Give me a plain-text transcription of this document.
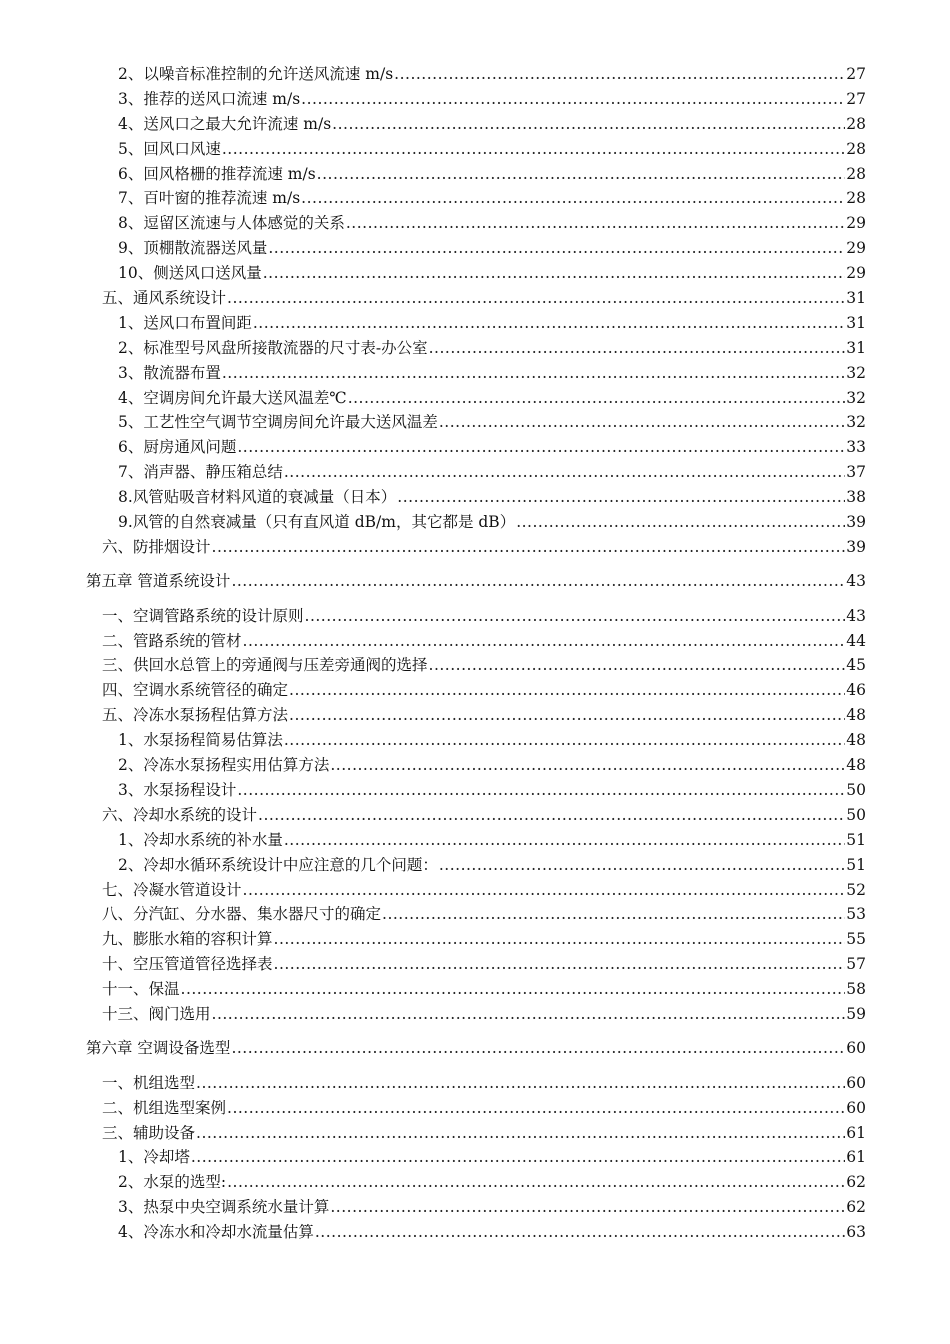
2、以噪音标准控制的允许送风流速 m/s .....	27
3、推荐的送风口流速 m/s .....	27
4、送风口之最大允许流速 m/s .....	28
5、回风口风速 .....	28
6、回风格栅的推荐流速 m/s .....	28
7、百叶窗的推荐流速 m/s .....	28
8、逗留区流速与人体感觉的关系 .....	29
9、顶棚散流器送风量 .....	29
10、侧送风口送风量 .....	29
五、通风系统设计 .....	31
1、送风口布置间距 .....	31
2、标准型号风盘所接散流器的尺寸表-办公室 .....	31
3、散流器布置 .....	32
4、空调房间允许最大送风温差℃ .....	32
5、工艺性空气调节空调房间允许最大送风温差 .....	32
6、厨房通风问题 .....	33
7、消声器、静压箱总结 .....	37
8.风管贴吸音材料风道的衰减量（日本） .....	38
9.风管的自然衰减量（只有直风道 dB/m，其它都是 dB） .....	39
六、防排烟设计 .....	39
第五章 管道系统设计 .....	43
一、空调管路系统的设计原则 .....	43
二、管路系统的管材 .....	44
三、供回水总管上的旁通阀与压差旁通阀的选择 .....	45
四、空调水系统管径的确定 .....	46
五、冷冻水泵扬程估算方法 .....	48
1、水泵扬程简易估算法 .....	48
2、冷冻水泵扬程实用估算方法 .....	48
3、水泵扬程设计 .....	50
六、冷却水系统的设计 .....	50
1、冷却水系统的补水量 .....	51
2、冷却水循环系统设计中应注意的几个问题： .....	51
七、冷凝水管道设计 .....	52
八、分汽缸、分水器、集水器尺寸的确定 .....	53
九、膨胀水箱的容积计算 .....	55
十、空压管道管径选择表 .....	57
十一、保温 .....	58
十三、阀门选用 .....	59
第六章 空调设备选型 .....	60
一、机组选型 .....	60
二、机组选型案例 .....	60
三、辅助设备 .....	61
1、冷却塔 .....	61
2、水泵的选型: .....	62
3、热泵中央空调系统水量计算 .....	62
4、冷冻水和冷却水流量估算 .....	63
